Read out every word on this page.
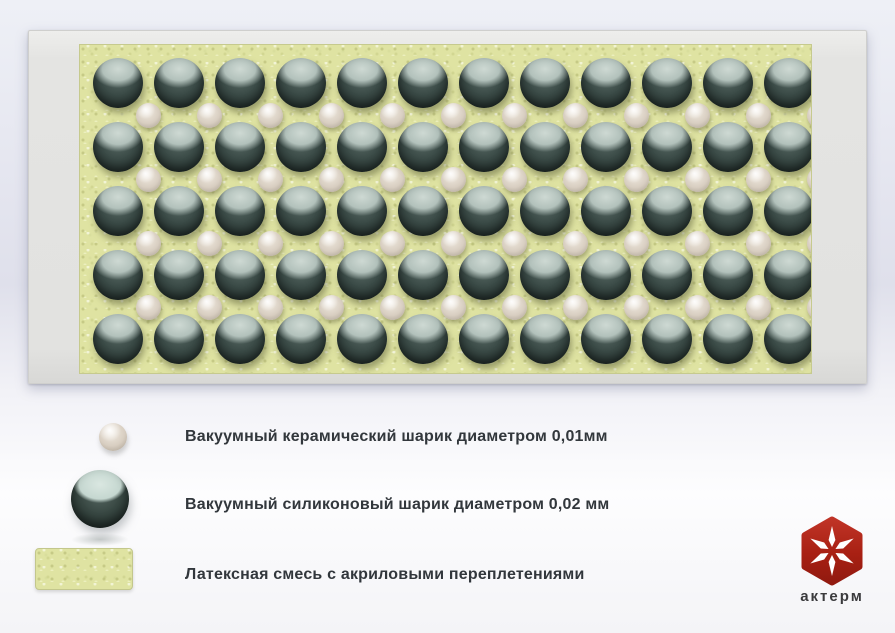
Вакуумный керамический шарик диаметром 0,01мм
Вакуумный силиконовый шарик диаметром 0,02 мм
Латексная смесь с акриловыми переплетениями
актерм
